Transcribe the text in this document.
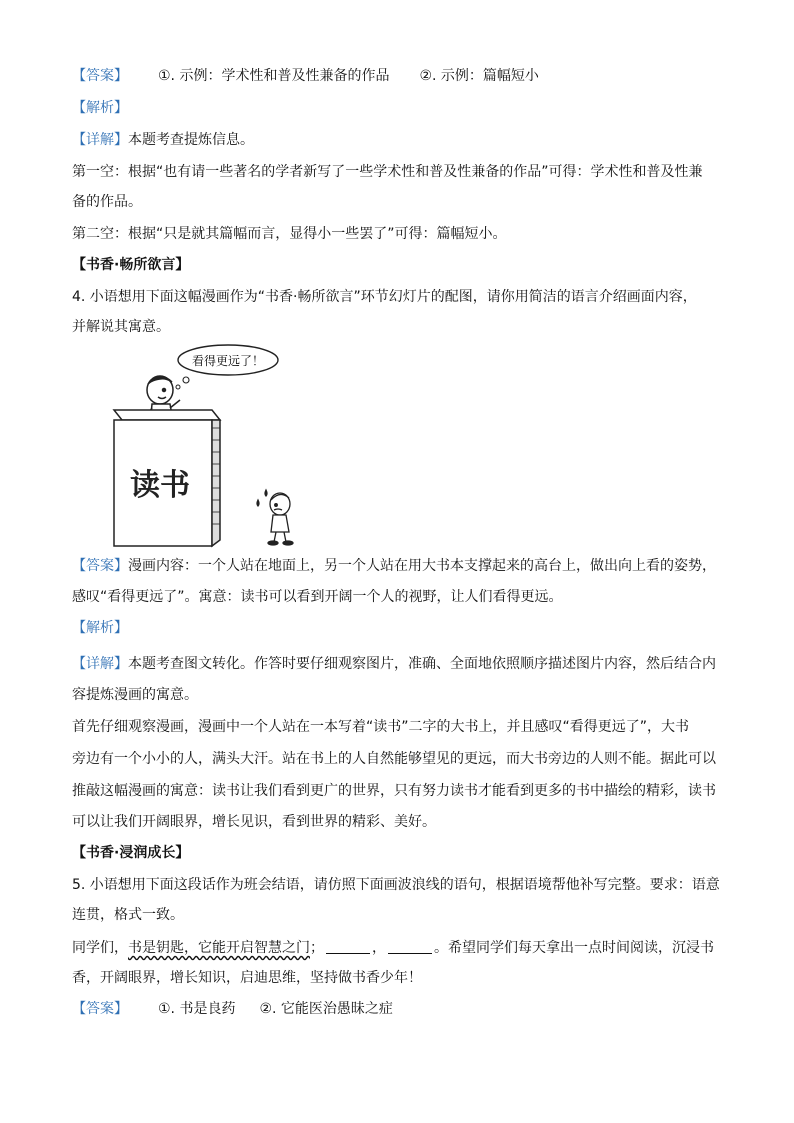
【答案】 ①. 示例：学术性和普及性兼备的作品 ②. 示例：篇幅短小
【解析】
【详解】本题考查提炼信息。
第一空：根据“也有请一些著名的学者新写了一些学术性和普及性兼备的作品”可得：学术性和普及性兼
备的作品。
第二空：根据“只是就其篇幅而言，显得小一些罢了”可得：篇幅短小。
【书香·畅所欲言】
4. 小语想用下面这幅漫画作为“书香·畅所欲言”环节幻灯片的配图，请你用简洁的语言介绍画面内容，
并解说其寓意。
看得更远了！
读书
【答案】漫画内容：一个人站在地面上，另一个人站在用大书本支撑起来的高台上，做出向上看的姿势，
感叹“看得更远了”。寓意：读书可以看到开阔一个人的视野，让人们看得更远。
【解析】
【详解】本题考查图文转化。作答时要仔细观察图片，准确、全面地依照顺序描述图片内容，然后结合内
容提炼漫画的寓意。
首先仔细观察漫画，漫画中一个人站在一本写着“读书”二字的大书上，并且感叹“看得更远了”，大书
旁边有一个小小的人，满头大汗。站在书上的人自然能够望见的更远，而大书旁边的人则不能。据此可以
推敲这幅漫画的寓意：读书让我们看到更广的世界，只有努力读书才能看到更多的书中描绘的精彩，读书
可以让我们开阔眼界，增长见识，看到世界的精彩、美好。
【书香·浸润成长】
5. 小语想用下面这段话作为班会结语，请仿照下面画波浪线的语句，根据语境帮他补写完整。要求：语意
连贯，格式一致。
同学们，书是钥匙，它能开启智慧之门；	，	。希望同学们每天拿出一点时间阅读，沉浸书
香，开阔眼界，增长知识，启迪思维，坚持做书香少年！
【答案】 ①. 书是良药 ②. 它能医治愚昧之症
